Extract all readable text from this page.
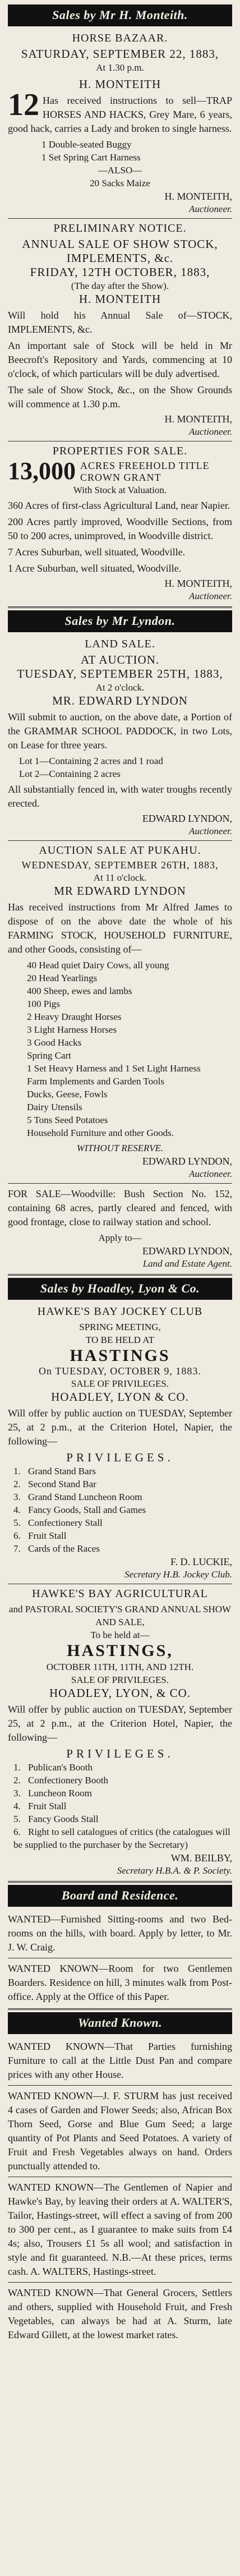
Sales by Mr H. Monteith.
HORSE BAZAAR.
SATURDAY, SEPTEMBER 22, 1883,
At 1.30 p.m.
H. MONTEITH
12 Has received instructions to sell—TRAP HORSES AND HACKS, Grey Mare, 6 years, good hack, carries a Lady and broken to single harness.
1 Double-seated Buggy
1 Set Spring Cart Harness
—ALSO—
20 Sacks Maize
H. MONTEITH,
Auctioneer.
PRELIMINARY NOTICE.
ANNUAL SALE OF SHOW STOCK, IMPLEMENTS, &c.
FRIDAY, 12TH OCTOBER, 1883,
(The day after the Show).
H. MONTEITH
Will hold his Annual Sale of—STOCK, IMPLEMENTS, &c.
An important sale of Stock will be held in Mr Beecroft's Repository and Yards, commencing at 10 o'clock, of which particulars will be duly advertised.
The sale of Show Stock, &c., on the Show Grounds will commence at 1.30 p.m.
H. MONTEITH,
Auctioneer.
PROPERTIES FOR SALE.
13,000 ACRES FREEHOLD TITLE CROWN GRANT
With Stock at Valuation.
360 Acres of first-class Agricultural Land, near Napier.
200 Acres partly improved, Woodville Sections, from 50 to 200 acres, unimproved, in Woodville district.
7 Acres Suburban, well situated, Woodville.
1 Acre Suburban, well situated, Woodville.
H. MONTEITH,
Auctioneer.
Sales by Mr Lyndon.
LAND SALE.
AT AUCTION.
TUESDAY, SEPTEMBER 25TH, 1883,
At 2 o'clock.
MR. EDWARD LYNDON
Will submit to auction, on the above date, a Portion of the GRAMMAR SCHOOL PADDOCK, in two Lots, on Lease for three years.
Lot 1—Containing 2 acres and 1 road
Lot 2—Containing 2 acres
All substantially fenced in, with water troughs recently erected.
EDWARD LYNDON,
Auctioneer.
AUCTION SALE AT PUKAHU.
WEDNESDAY, SEPTEMBER 26TH, 1883,
At 11 o'clock.
MR EDWARD LYNDON
Has received instructions from Mr Alfred James to dispose of on the above date the whole of his FARMING STOCK, HOUSEHOLD FURNITURE, and other Goods, consisting of—
40 Head quiet Dairy Cows, all young
20 Head Yearlings
400 Sheep, ewes and lambs
100 Pigs
2 Heavy Draught Horses
3 Light Harness Horses
3 Good Hacks
Spring Cart
1 Set Heavy Harness and 1 Set Light Harness
Farm Implements and Garden Tools
Ducks, Geese, Fowls
Dairy Utensils
5 Tons Seed Potatoes
Household Furniture and other Goods.
WITHOUT RESERVE.
EDWARD LYNDON,
Auctioneer.
FOR SALE—Woodville: Bush Section No. 152, containing 68 acres, partly cleared and fenced, with good frontage, close to railway station and school.
Apply to—
EDWARD LYNDON,
Land and Estate Agent.
Sales by Hoadley, Lyon & Co.
HAWKE'S BAY JOCKEY CLUB
SPRING MEETING,
TO BE HELD AT
HASTINGS
On TUESDAY, OCTOBER 9, 1883.
SALE OF PRIVILEGES.
HOADLEY, LYON & CO.
Will offer by public auction on TUESDAY, September 25, at 2 p.m., at the Criterion Hotel, Napier, the following—
PRIVILEGES.
1. Grand Stand Bars
2. Second Stand Bar
3. Grand Stand Luncheon Room
4. Fancy Goods, Stall and Games
5. Confectionery Stall
6. Fruit Stall
7. Cards of the Races
F. D. LUCKIE,
Secretary H.B. Jockey Club.
HAWKE'S BAY AGRICULTURAL
and PASTORAL SOCIETY'S GRAND ANNUAL SHOW AND SALE,
To be held at—
HASTINGS,
OCTOBER 11TH, 11TH, AND 12TH.
SALE OF PRIVILEGES.
HOADLEY, LYON, & CO.
Will offer by public auction on TUESDAY, September 25, at 2 p.m., at the Criterion Hotel, Napier, the following—
PRIVILEGES.
1. Publican's Booth
2. Confectionery Booth
3. Luncheon Room
4. Fruit Stall
5. Fancy Goods Stall
6. Right to sell catalogues of critics (the catalogues will be supplied to the purchaser by the Secretary)
WM. BEILBY,
Secretary H.B.A. & P. Society.
Board and Residence.
WANTED—Furnished Sitting-rooms and two Bed-rooms on the hills, with board. Apply by letter, to Mr. J. W. Craig.
WANTED KNOWN—Room for two Gentlemen Boarders. Residence on hill, 3 minutes walk from Post-office. Apply at the Office of this Paper.
Wanted Known.
WANTED KNOWN—That Parties furnishing Furniture to call at the Little Dust Pan and compare prices with any other House.
WANTED KNOWN—J. F. STURM has just received 4 cases of Garden and Flower Seeds; also, African Box Thorn Seed, Gorse and Blue Gum Seed; a large quantity of Pot Plants and Seed Potatoes. A variety of Fruit and Fresh Vegetables always on hand. Orders punctually attended to.
WANTED KNOWN—The Gentlemen of Napier and Hawke's Bay, by leaving their orders at A. WALTER'S, Tailor, Hastings-street, will effect a saving of from 200 to 300 per cent., as I guarantee to make suits from £4 4s; also, Trousers £1 5s all wool; and satisfaction in style and fit guaranteed. N.B.—At these prices, terms cash. A. WALTERS, Hastings-street.
WANTED KNOWN—That General Grocers, Settlers and others, supplied with Household Fruit, and Fresh Vegetables, can always be had at A. Sturm, late Edward Gillett, at the lowest market rates.
